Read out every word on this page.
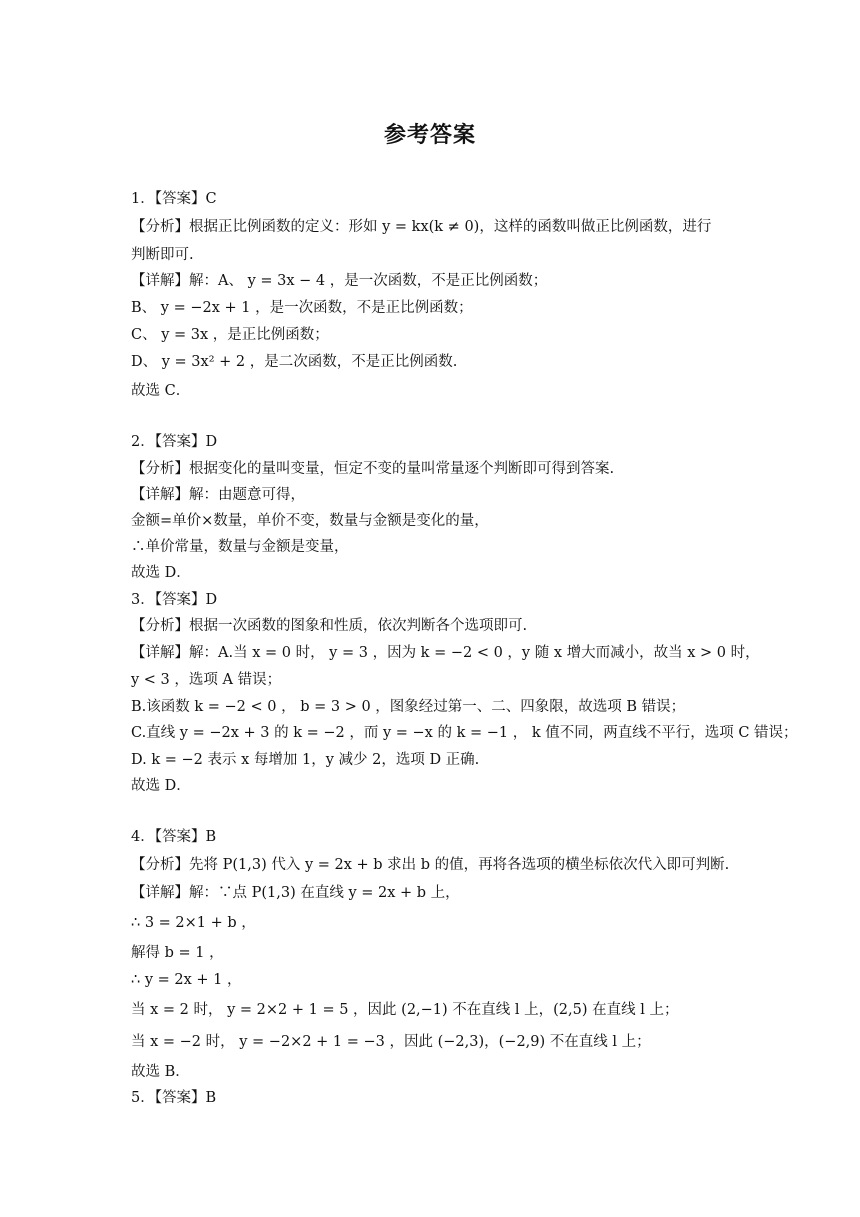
参考答案
1．【答案】C
【分析】根据正比例函数的定义：形如 y = kx(k ≠ 0)，这样的函数叫做正比例函数，进行
判断即可.
【详解】解：A、 y = 3x − 4 ，是一次函数，不是正比例函数；
B、 y = −2x + 1 ，是一次函数，不是正比例函数；
C、 y = 3x ，是正比例函数；
D、 y = 3x² + 2 ，是二次函数，不是正比例函数.
故选 C．
2．【答案】D
【分析】根据变化的量叫变量，恒定不变的量叫常量逐个判断即可得到答案.
【详解】解：由题意可得，
金额=单价×数量，单价不变，数量与金额是变化的量，
∴单价常量，数量与金额是变量，
故选 D．
3．【答案】D
【分析】根据一次函数的图象和性质，依次判断各个选项即可.
【详解】解：A.当 x = 0 时， y = 3 ，因为 k = −2 < 0 ，y 随 x 增大而减小，故当 x > 0 时，
y < 3 ，选项 A 错误；
B.该函数 k = −2 < 0 ， b = 3 > 0 ，图象经过第一、二、四象限，故选项 B 错误；
C.直线 y = −2x + 3 的 k = −2 ，而 y = −x 的 k = −1 ， k 值不同，两直线不平行，选项 C 错误；
D. k = −2 表示 x 每增加 1，y 减少 2，选项 D 正确.
故选 D．
4．【答案】B
【分析】先将 P(1,3) 代入 y = 2x + b 求出 b 的值，再将各选项的横坐标依次代入即可判断.
【详解】解：∵点 P(1,3) 在直线 y = 2x + b 上，
∴ 3 = 2×1 + b ，
解得 b = 1 ，
∴ y = 2x + 1 ，
当 x = 2 时， y = 2×2 + 1 = 5 ，因此 (2,−1) 不在直线 l 上，(2,5) 在直线 l 上；
当 x = −2 时， y = −2×2 + 1 = −3 ，因此 (−2,3)，(−2,9) 不在直线 l 上；
故选 B．
5．【答案】B
